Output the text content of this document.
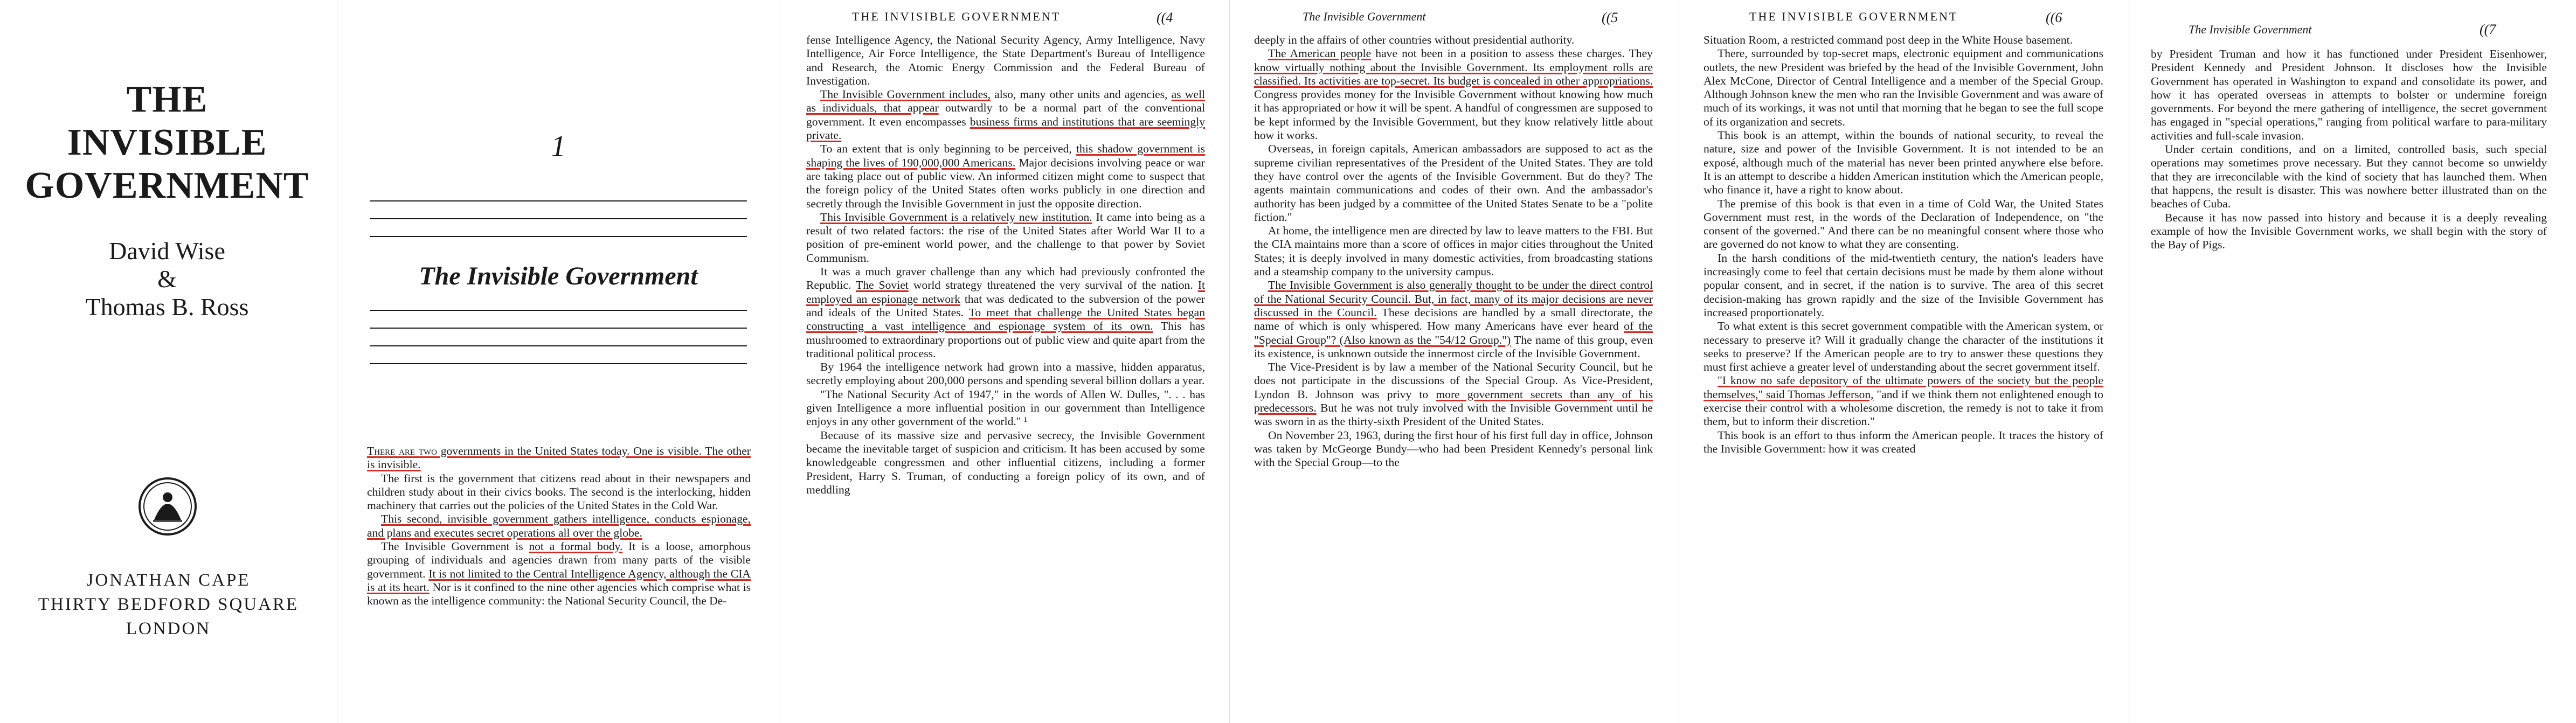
THE INVISIBLE GOVERNMENT
David Wise
&
Thomas B. Ross
JONATHAN CAPE
THIRTY BEDFORD SQUARE
LONDON
1
The Invisible Government

There are two governments in the United States today. One is visible. The other is invisible.

The first is the government that citizens read about in their newspapers and children study about in their civics books. The second is the interlocking, hidden machinery that carries out the policies of the United States in the Cold War.

This second, invisible government gathers intelligence, conducts espionage, and plans and executes secret operations all over the globe.

The Invisible Government is not a formal body. It is a loose, amorphous grouping of individuals and agencies drawn from many parts of the visible government. It is not limited to the Central Intelligence Agency, although the CIA is at its heart. Nor is it confined to the nine other agencies which comprise what is known as the intelligence community: the National Security Council, the De-

THE INVISIBLE GOVERNMENT	((4

fense Intelligence Agency, the National Security Agency, Army Intelligence, Navy Intelligence, Air Force Intelligence, the State Department's Bureau of Intelligence and Research, the Atomic Energy Commission and the Federal Bureau of Investigation.

The Invisible Government includes, also, many other units and agencies, as well as individuals, that appear outwardly to be a normal part of the conventional government. It even encompasses business firms and institutions that are seemingly private.

To an extent that is only beginning to be perceived, this shadow government is shaping the lives of 190,000,000 Americans. Major decisions involving peace or war are taking place out of public view. An informed citizen might come to suspect that the foreign policy of the United States often works publicly in one direction and secretly through the Invisible Government in just the opposite direction.

This Invisible Government is a relatively new institution. It came into being as a result of two related factors: the rise of the United States after World War II to a position of pre-eminent world power, and the challenge to that power by Soviet Communism.

It was a much graver challenge than any which had previously confronted the Republic. The Soviet world strategy threatened the very survival of the nation. It employed an espionage network that was dedicated to the subversion of the power and ideals of the United States. To meet that challenge the United States began constructing a vast intelligence and espionage system of its own. This has mushroomed to extraordinary proportions out of public view and quite apart from the traditional political process.

By 1964 the intelligence network had grown into a massive, hidden apparatus, secretly employing about 200,000 persons and spending several billion dollars a year.

"The National Security Act of 1947," in the words of Allen W. Dulles, ". . . has given Intelligence a more influential position in our government than Intelligence enjoys in any other government of the world." ¹

Because of its massive size and pervasive secrecy, the Invisible Government became the inevitable target of suspicion and criticism. It has been accused by some knowledgeable congressmen and other influential citizens, including a former President, Harry S. Truman, of conducting a foreign policy of its own, and of meddling

The Invisible Government	((5

deeply in the affairs of other countries without presidential authority.

The American people have not been in a position to assess these charges. They know virtually nothing about the Invisible Government. Its employment rolls are classified. Its activities are top-secret. Its budget is concealed in other appropriations. Congress provides money for the Invisible Government without knowing how much it has appropriated or how it will be spent. A handful of congressmen are supposed to be kept informed by the Invisible Government, but they know relatively little about how it works.

Overseas, in foreign capitals, American ambassadors are supposed to act as the supreme civilian representatives of the President of the United States. They are told they have control over the agents of the Invisible Government. But do they? The agents maintain communications and codes of their own. And the ambassador's authority has been judged by a committee of the United States Senate to be a "polite fiction."

At home, the intelligence men are directed by law to leave matters to the FBI. But the CIA maintains more than a score of offices in major cities throughout the United States; it is deeply involved in many domestic activities, from broadcasting stations and a steamship company to the university campus.

The Invisible Government is also generally thought to be under the direct control of the National Security Council. But, in fact, many of its major decisions are never discussed in the Council. These decisions are handled by a small directorate, the name of which is only whispered. How many Americans have ever heard of the "Special Group"? (Also known as the "54/12 Group.") The name of this group, even its existence, is unknown outside the innermost circle of the Invisible Government.

The Vice-President is by law a member of the National Security Council, but he does not participate in the discussions of the Special Group. As Vice-President, Lyndon B. Johnson was privy to more government secrets than any of his predecessors. But he was not truly involved with the Invisible Government until he was sworn in as the thirty-sixth President of the United States.

On November 23, 1963, during the first hour of his first full day in office, Johnson was taken by McGeorge Bundy—who had been President Kennedy's personal link with the Special Group—to the

THE INVISIBLE GOVERNMENT	((6

Situation Room, a restricted command post deep in the White House basement.

There, surrounded by top-secret maps, electronic equipment and communications outlets, the new President was briefed by the head of the Invisible Government, John Alex McCone, Director of Central Intelligence and a member of the Special Group. Although Johnson knew the men who ran the Invisible Government and was aware of much of its workings, it was not until that morning that he began to see the full scope of its organization and secrets.

This book is an attempt, within the bounds of national security, to reveal the nature, size and power of the Invisible Government. It is not intended to be an exposé, although much of the material has never been printed anywhere else before. It is an attempt to describe a hidden American institution which the American people, who finance it, have a right to know about.

The premise of this book is that even in a time of Cold War, the United States Government must rest, in the words of the Declaration of Independence, on "the consent of the governed." And there can be no meaningful consent where those who are governed do not know to what they are consenting.

In the harsh conditions of the mid-twentieth century, the nation's leaders have increasingly come to feel that certain decisions must be made by them alone without popular consent, and in secret, if the nation is to survive. The area of this secret decision-making has grown rapidly and the size of the Invisible Government has increased proportionately.

To what extent is this secret government compatible with the American system, or necessary to preserve it? Will it gradually change the character of the institutions it seeks to preserve? If the American people are to try to answer these questions they must first achieve a greater level of understanding about the secret government itself.

"I know no safe depository of the ultimate powers of the society but the people themselves," said Thomas Jefferson, "and if we think them not enlightened enough to exercise their control with a wholesome discretion, the remedy is not to take it from them, but to inform their discretion."

This book is an effort to thus inform the American people. It traces the history of the Invisible Government: how it was created

The Invisible Government	((7

by President Truman and how it has functioned under President Eisenhower, President Kennedy and President Johnson. It discloses how the Invisible Government has operated in Washington to expand and consolidate its power, and how it has operated overseas in attempts to bolster or undermine foreign governments. For beyond the mere gathering of intelligence, the secret government has engaged in "special operations," ranging from political warfare to para-military activities and full-scale invasion.

Under certain conditions, and on a limited, controlled basis, such special operations may sometimes prove necessary. But they cannot become so unwieldy that they are irreconcilable with the kind of society that has launched them. When that happens, the result is disaster. This was nowhere better illustrated than on the beaches of Cuba.

Because it has now passed into history and because it is a deeply revealing example of how the Invisible Government works, we shall begin with the story of the Bay of Pigs.
